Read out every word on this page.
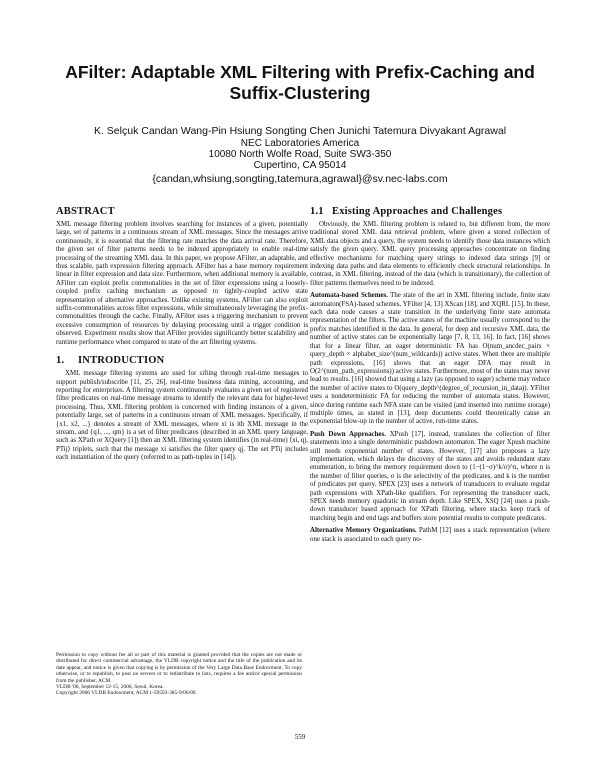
AFilter: Adaptable XML Filtering with Prefix-Caching and Suffix-Clustering
K. Selçuk Candan Wang-Pin Hsiung Songting Chen Junichi Tatemura Divyakant Agrawal
NEC Laboratories America
10080 North Wolfe Road, Suite SW3-350
Cupertino, CA 95014
{candan,whsiung,songting,tatemura,agrawal}@sv.nec-labs.com
ABSTRACT

XML message filtering problem involves searching for instances of a given, potentially large, set of patterns in a continuous stream of XML messages. Since the messages arrive continuously, it is essential that the filtering rate matches the data arrival rate. Therefore, the given set of filter patterns needs to be indexed appropriately to enable real-time processing of the streaming XML data. In this paper, we propose AFilter, an adaptable, and thus scalable, path expression filtering approach. AFilter has a base memory requirement linear in filter expression and data size. Furthermore, when additional memory is available, AFilter can exploit prefix commonalities in the set of filter expressions using a loosely-coupled prefix caching mechanism as opposed to tightly-coupled active state representation of alternative approaches. Unlike existing systems, AFilter can also exploit suffix-commonalities across filter expressions, while simultaneously leveraging the prefix-commonalities through the cache. Finally, AFilter uses a triggering mechanism to prevent excessive consumption of resources by delaying processing until a trigger condition is observed. Experiment results show that AFilter provides significantly better scalability and runtime performance when compared to state of the art filtering systems.

1. INTRODUCTION

XML message filtering systems are used for sifting through real-time messages to support publish/subscribe [11, 25, 26], real-time business data mining, accounting, and reporting for enterprises. A filtering system continuously evaluates a given set of registered filter predicates on real-time message streams to identify the relevant data for higher-level processing. Thus, XML filtering problem is concerned with finding instances of a given, potentially large, set of patterns in a continuous stream of XML messages. Specifically, if {x1, x2, ...} denotes a stream of XML messages, where xi is ith XML message in the stream, and {q1, ..., qm} is a set of filter predicates (described in an XML query language, such as XPath or XQuery [1]) then an XML filtering system identifies (in real-time) ⟨xi, qj, PTij⟩ triplets, such that the message xi satisfies the filter query qj. The set PTij includes each instantiation of the query (referred to as path-tuples in [14]).

Permission to copy without fee all or part of this material is granted provided that the copies are not made or distributed for direct commercial advantage, the VLDB copyright notice and the title of the publication and its date appear, and notice is given that copying is by permission of the Very Large Data Base Endowment. To copy otherwise, or to republish, to post on servers or to redistribute to lists, requires a fee and/or special permission from the publisher, ACM.
VLDB '06, September 12-15, 2006, Seoul, Korea.
Copyright 2006 VLDB Endowment, ACM 1-59593-385-9/06/09.
1.1 Existing Approaches and Challenges

Obviously, the XML filtering problem is related to, but different from, the more traditional stored XML data retrieval problem, where given a stored collection of XML data objects and a query, the system needs to identify those data instances which satisfy the given query. XML query processing approaches concentrate on finding effective mechanisms for matching query strings to indexed data strings [9] or indexing data paths and data elements to efficiently check structural relationships. In contrast, in XML filtering, instead of the data (which is transitionary), the collection of filter patterns themselves need to be indexed.

Automata-based Schemes. The state of the art in XML filtering include, finite state automaton(FSA)-based schemes, YFilter [4, 13] XScan [18], and XQRL [15]. In these, each data node causes a state transition in the underlying finite state automata representation of the filters. The active states of the machine usually correspond to the prefix matches identified in the data. In general, for deep and recursive XML data, the number of active states can be exponentially large [7, 8, 13, 16]. In fact, [16] shows that for a linear filter, an eager deterministic FA has O(num_ancdec_pairs × query_depth × alphabet_size^(num_wildcards)) active states. When there are multiple path expressions, [16] shows that an eager DFA may result in O(2^(num_path_expressions)) active states. Furthermore, most of the states may never lead to results. [16] showed that using a lazy (as opposed to eager) scheme may reduce the number of active states to O(query_depth^(degree_of_recursion_in_data)). YFilter uses a nondeterministic FA for reducing the number of automata states. However, since during runtime each NFA state can be visited (and inserted into runtime storage) multiple times, as stated in [13], deep documents could theoretically cause an exponential blow-up in the number of active, run-time states.

Push Down Approaches. XPush [17], instead, translates the collection of filter statements into a single deterministic pushdown automaton. The eager Xpush machine still needs exponential number of states. However, [17] also proposes a lazy implementation, which delays the discovery of the states and avoids redundant state enumeration, to bring the memory requirement down to (1−(1−σ)^k/σ)^n, where n is the number of filter queries, σ is the selectivity of the predicates, and k is the number of predicates per query. SPEX [23] uses a network of transducers to evaluate regular path expressions with XPath-like qualifiers. For representing the transducer stack, SPEX needs memory quadratic in stream depth. Like SPEX, XSQ [24] uses a push-down transducer based approach for XPath filtering, where stacks keep track of matching begin and end tags and buffers store potential results to compute predicates.

Alternative Memory Organizations. PathM [12] uses a stack representation (where one stack is associated to each query no-

559
